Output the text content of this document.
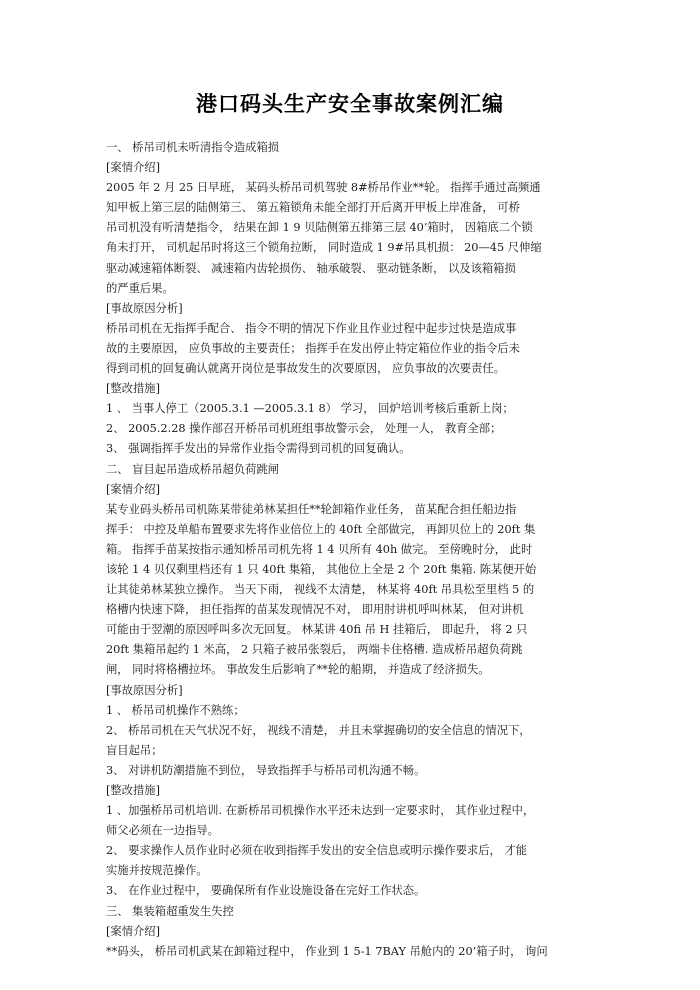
港口码头生产安全事故案例汇编
一、 桥吊司机未听清指令造成箱损
[案情介绍]
2005 年 2 月 25 日早班， 某码头桥吊司机驾驶 8#桥吊作业**轮。 指挥手通过高频通
知甲板上第三层的陆侧第三、 第五箱锁角未能全部打开后离开甲板上岸准备， 可桥
吊司机没有听清楚指令， 结果在卸 1 9 贝陆侧第五排第三层 40’箱时， 因箱底二个锁
角未打开， 司机起吊时将这三个锁角拉断， 同时造成 1 9#吊具机损： 20—45 尺伸缩
驱动减速箱体断裂、 减速箱内齿轮损伤、 轴承破裂、 驱动链条断， 以及该箱箱损
的严重后果。
[事故原因分析]
桥吊司机在无指挥手配合、 指令不明的情况下作业且作业过程中起步过快是造成事
故的主要原因， 应负事故的主要责任； 指挥手在发出停止特定箱位作业的指令后未
得到司机的回复确认就离开岗位是事故发生的次要原因， 应负事故的次要责任。
[整改措施]
1 、 当事人停工（2005.3.1 —2005.3.1 8） 学习， 回炉培训考核后重新上岗；
2、 2005.2.28 操作部召开桥吊司机班组事故警示会， 处理一人， 教育全部；
3、 强调指挥手发出的异常作业指令需得到司机的回复确认。
二、 盲目起吊造成桥吊超负荷跳闸
[案情介绍]
某专业码头桥吊司机陈某带徒弟林某担任**轮卸箱作业任务， 苗某配合担任船边指
挥手： 中控及单船布置要求先将作业倍位上的 40ft 全部做完， 再卸贝位上的 20ft 集
箱。 指挥手苗某按指示通知桥吊司机先将 1 4 贝所有 40h 做完。 至傍晚时分， 此时
该轮 1 4 贝仅剩里档还有 1 只 40ft 集箱， 其他位上全是 2 个 20ft 集箱. 陈某便开始
让其徒弟林某独立操作。 当天下雨， 视线不太清楚， 林某将 40ft 吊具松至里档 5 的
格槽内快速下降， 担任指挥的苗某发现情况不对， 即用肘讲机呼叫林某， 但对讲机
可能由于翌潮的原因呼叫多次无回复。 林某讲 40fi 吊 H 挂箱后， 即起升， 将 2 只
20ft 集箱吊起约 1 米高， 2 只箱子被吊张裂后， 两端卡住格槽. 造成桥吊超负荷跳
闸， 同时将格槽拉坏。 事故发生后影响了**轮的船期， 并造成了经济损失。
[事故原因分析]
1 、 桥吊司机操作不熟练；
2、 桥吊司机在天气状况不好， 视线不清楚， 并且未掌握确切的安全信息的情况下，
盲目起吊；
3、 对讲机防潮措施不到位， 导致指挥手与桥吊司机沟通不畅。
[整改措施]
1 、加强桥吊司机培训. 在新桥吊司机操作水平还未达到一定要求时， 其作业过程中，
师父必须在一边指导。
2、 要求操作人员作业时必须在收到指挥手发出的安全信息或明示操作要求后， 才能
实施并按规范操作。
3、 在作业过程中， 要确保所有作业设施设备在完好工作状态。
三、 集装箱超重发生失控
[案情介绍]
**码头， 桥吊司机武某在卸箱过程中， 作业到 1 5-1 7BAY 吊舱内的 20’箱子时， 询问
